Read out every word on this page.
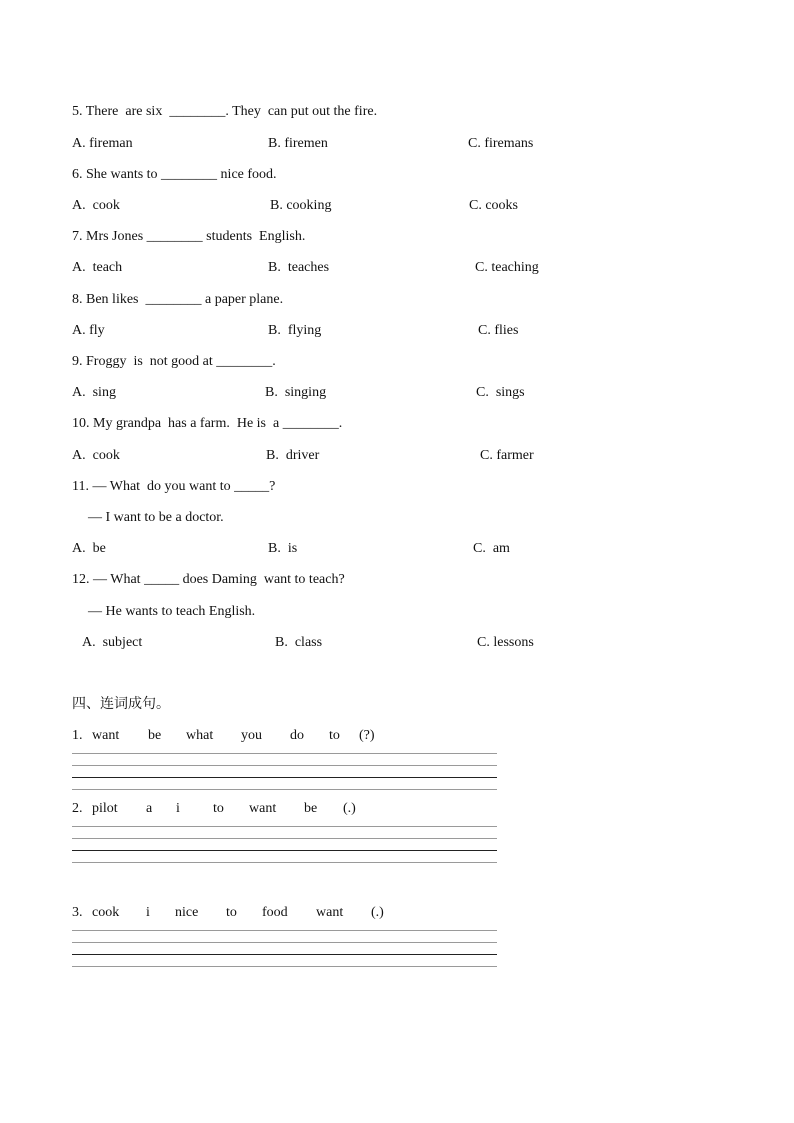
5. There  are six  ________. They  can put out the fire.
A. fireman	B. firemen	C. firemans
6. She wants to ________ nice food.
A.  cook	B. cooking	C. cooks
7. Mrs Jones ________ students  English.
A.  teach	B.  teaches	C. teaching
8. Ben likes  ________ a paper plane.
A. fly	B.  flying	C. flies
9. Froggy  is  not good at ________.
A.  sing	B.  singing	C.  sings
10. My grandpa  has a farm.  He is  a ________.
A.  cook	B.  driver	C. farmer
11. — What  do you want to _____?
— I want to be a doctor.
A.  be	B.  is	C.  am
12. — What _____ does Daming  want to teach?
— He wants to teach English.
A.  subject	B.  class	C. lessons
四、连词成句。
1. want be what you do to (?)
2. pilot a i to want be (.)
3. cook i nice to food want (.)
